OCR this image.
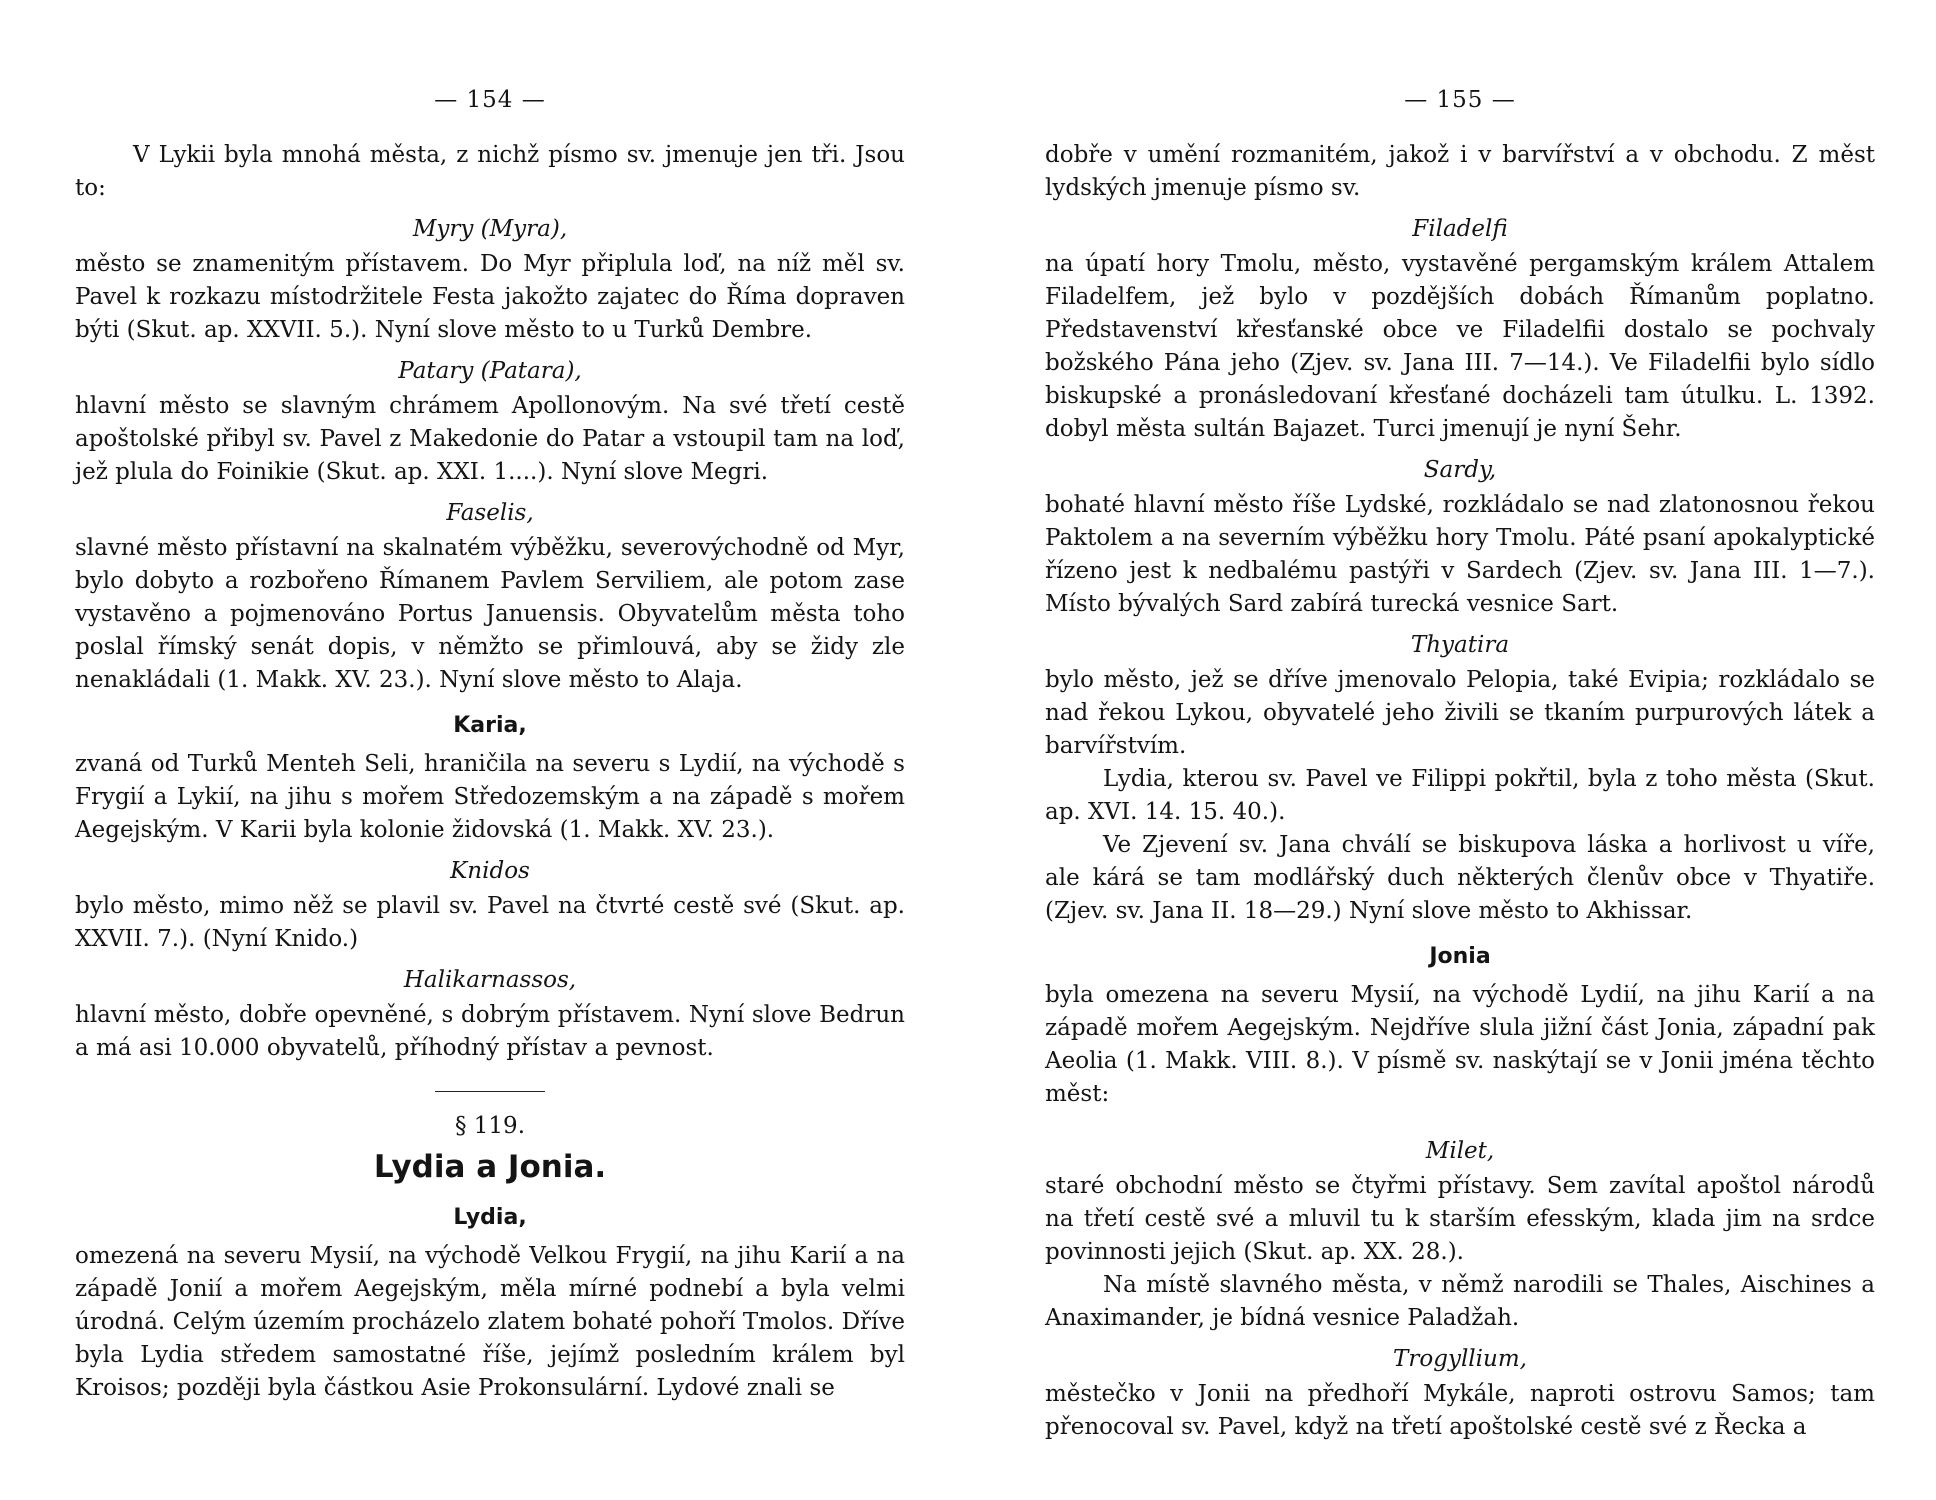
— 154 —

V Lykii byla mnohá města, z nichž písmo sv. jmenuje jen tři. Jsou to:

Myry (Myra),

město se znamenitým přístavem. Do Myr připlula loď, na níž měl sv. Pavel k rozkazu místodržitele Festa jakožto zajatec do Říma dopraven býti (Skut. ap. XXVII. 5.). Nyní slove město to u Turků Dembre.

Patary (Patara),

hlavní město se slavným chrámem Apollonovým. Na své třetí cestě apoštolské přibyl sv. Pavel z Makedonie do Patar a vstoupil tam na loď, jež plula do Foinikie (Skut. ap. XXI. 1....). Nyní slove Megri.

Faselis,

slavné město přístavní na skalnatém výběžku, severovýchodně od Myr, bylo dobyto a rozbořeno Římanem Pavlem Serviliem, ale potom zase vystavěno a pojmenováno Portus Januensis. Obyvatelům města toho poslal římský senát dopis, v němžto se přimlouvá, aby se židy zle nenakládali (1. Makk. XV. 23.). Nyní slove město to Alaja.

Karia,

zvaná od Turků Menteh Seli, hraničila na severu s Lydií, na východě s Frygií a Lykií, na jihu s mořem Středozemským a na západě s mořem Aegejským. V Karii byla kolonie židovská (1. Makk. XV. 23.).

Knidos

bylo město, mimo něž se plavil sv. Pavel na čtvrté cestě své (Skut. ap. XXVII. 7.). (Nyní Knido.)

Halikarnassos,

hlavní město, dobře opevněné, s dobrým přístavem. Nyní slove Bedrun a má asi 10.000 obyvatelů, příhodný přístav a pevnost.

§ 119.
Lydia a Jonia.
Lydia,

omezená na severu Mysií, na východě Velkou Frygií, na jihu Karií a na západě Jonií a mořem Aegejským, měla mírné podnebí a byla velmi úrodná. Celým územím procházelo zlatem bohaté pohoří Tmolos. Dříve byla Lydia středem samostatné říše, jejímž posledním králem byl Kroisos; později byla částkou Asie Prokonsulární. Lydové znali se

— 155 —

dobře v umění rozmanitém, jakož i v barvířství a v obchodu. Z měst lydských jmenuje písmo sv.

Filadelfi

na úpatí hory Tmolu, město, vystavěné pergamským králem Attalem Filadelfem, jež bylo v pozdějších dobách Římanům poplatno. Představenství křesťanské obce ve Filadelfii dostalo se pochvaly božského Pána jeho (Zjev. sv. Jana III. 7—14.). Ve Filadelfii bylo sídlo biskupské a pronásledovaní křesťané docházeli tam útulku. L. 1392. dobyl města sultán Bajazet. Turci jmenují je nyní Šehr.

Sardy,

bohaté hlavní město říše Lydské, rozkládalo se nad zlatonosnou řekou Paktolem a na severním výběžku hory Tmolu. Páté psaní apokalyptické řízeno jest k nedbalému pastýři v Sardech (Zjev. sv. Jana III. 1—7.). Místo bývalých Sard zabírá turecká vesnice Sart.

Thyatira

bylo město, jež se dříve jmenovalo Pelopia, také Evipia; rozkládalo se nad řekou Lykou, obyvatelé jeho živili se tkaním purpurových látek a barvířstvím.

Lydia, kterou sv. Pavel ve Filippi pokřtil, byla z toho města (Skut. ap. XVI. 14. 15. 40.).

Ve Zjevení sv. Jana chválí se biskupova láska a horlivost u víře, ale kárá se tam modlářský duch některých členův obce v Thyatiře. (Zjev. sv. Jana II. 18—29.) Nyní slove město to Akhissar.

Jonia

byla omezena na severu Mysií, na východě Lydií, na jihu Karií a na západě mořem Aegejským. Nejdříve slula jižní část Jonia, západní pak Aeolia (1. Makk. VIII. 8.). V písmě sv. naskýtají se v Jonii jména těchto měst:

Milet,

staré obchodní město se čtyřmi přístavy. Sem zavítal apoštol národů na třetí cestě své a mluvil tu k starším efesským, klada jim na srdce povinnosti jejich (Skut. ap. XX. 28.).

Na místě slavného města, v němž narodili se Thales, Aischines a Anaximander, je bídná vesnice Paladžah.

Trogyllium,

městečko v Jonii na předhoří Mykále, naproti ostrovu Samos; tam přenocoval sv. Pavel, když na třetí apoštolské cestě své z Řecka a
